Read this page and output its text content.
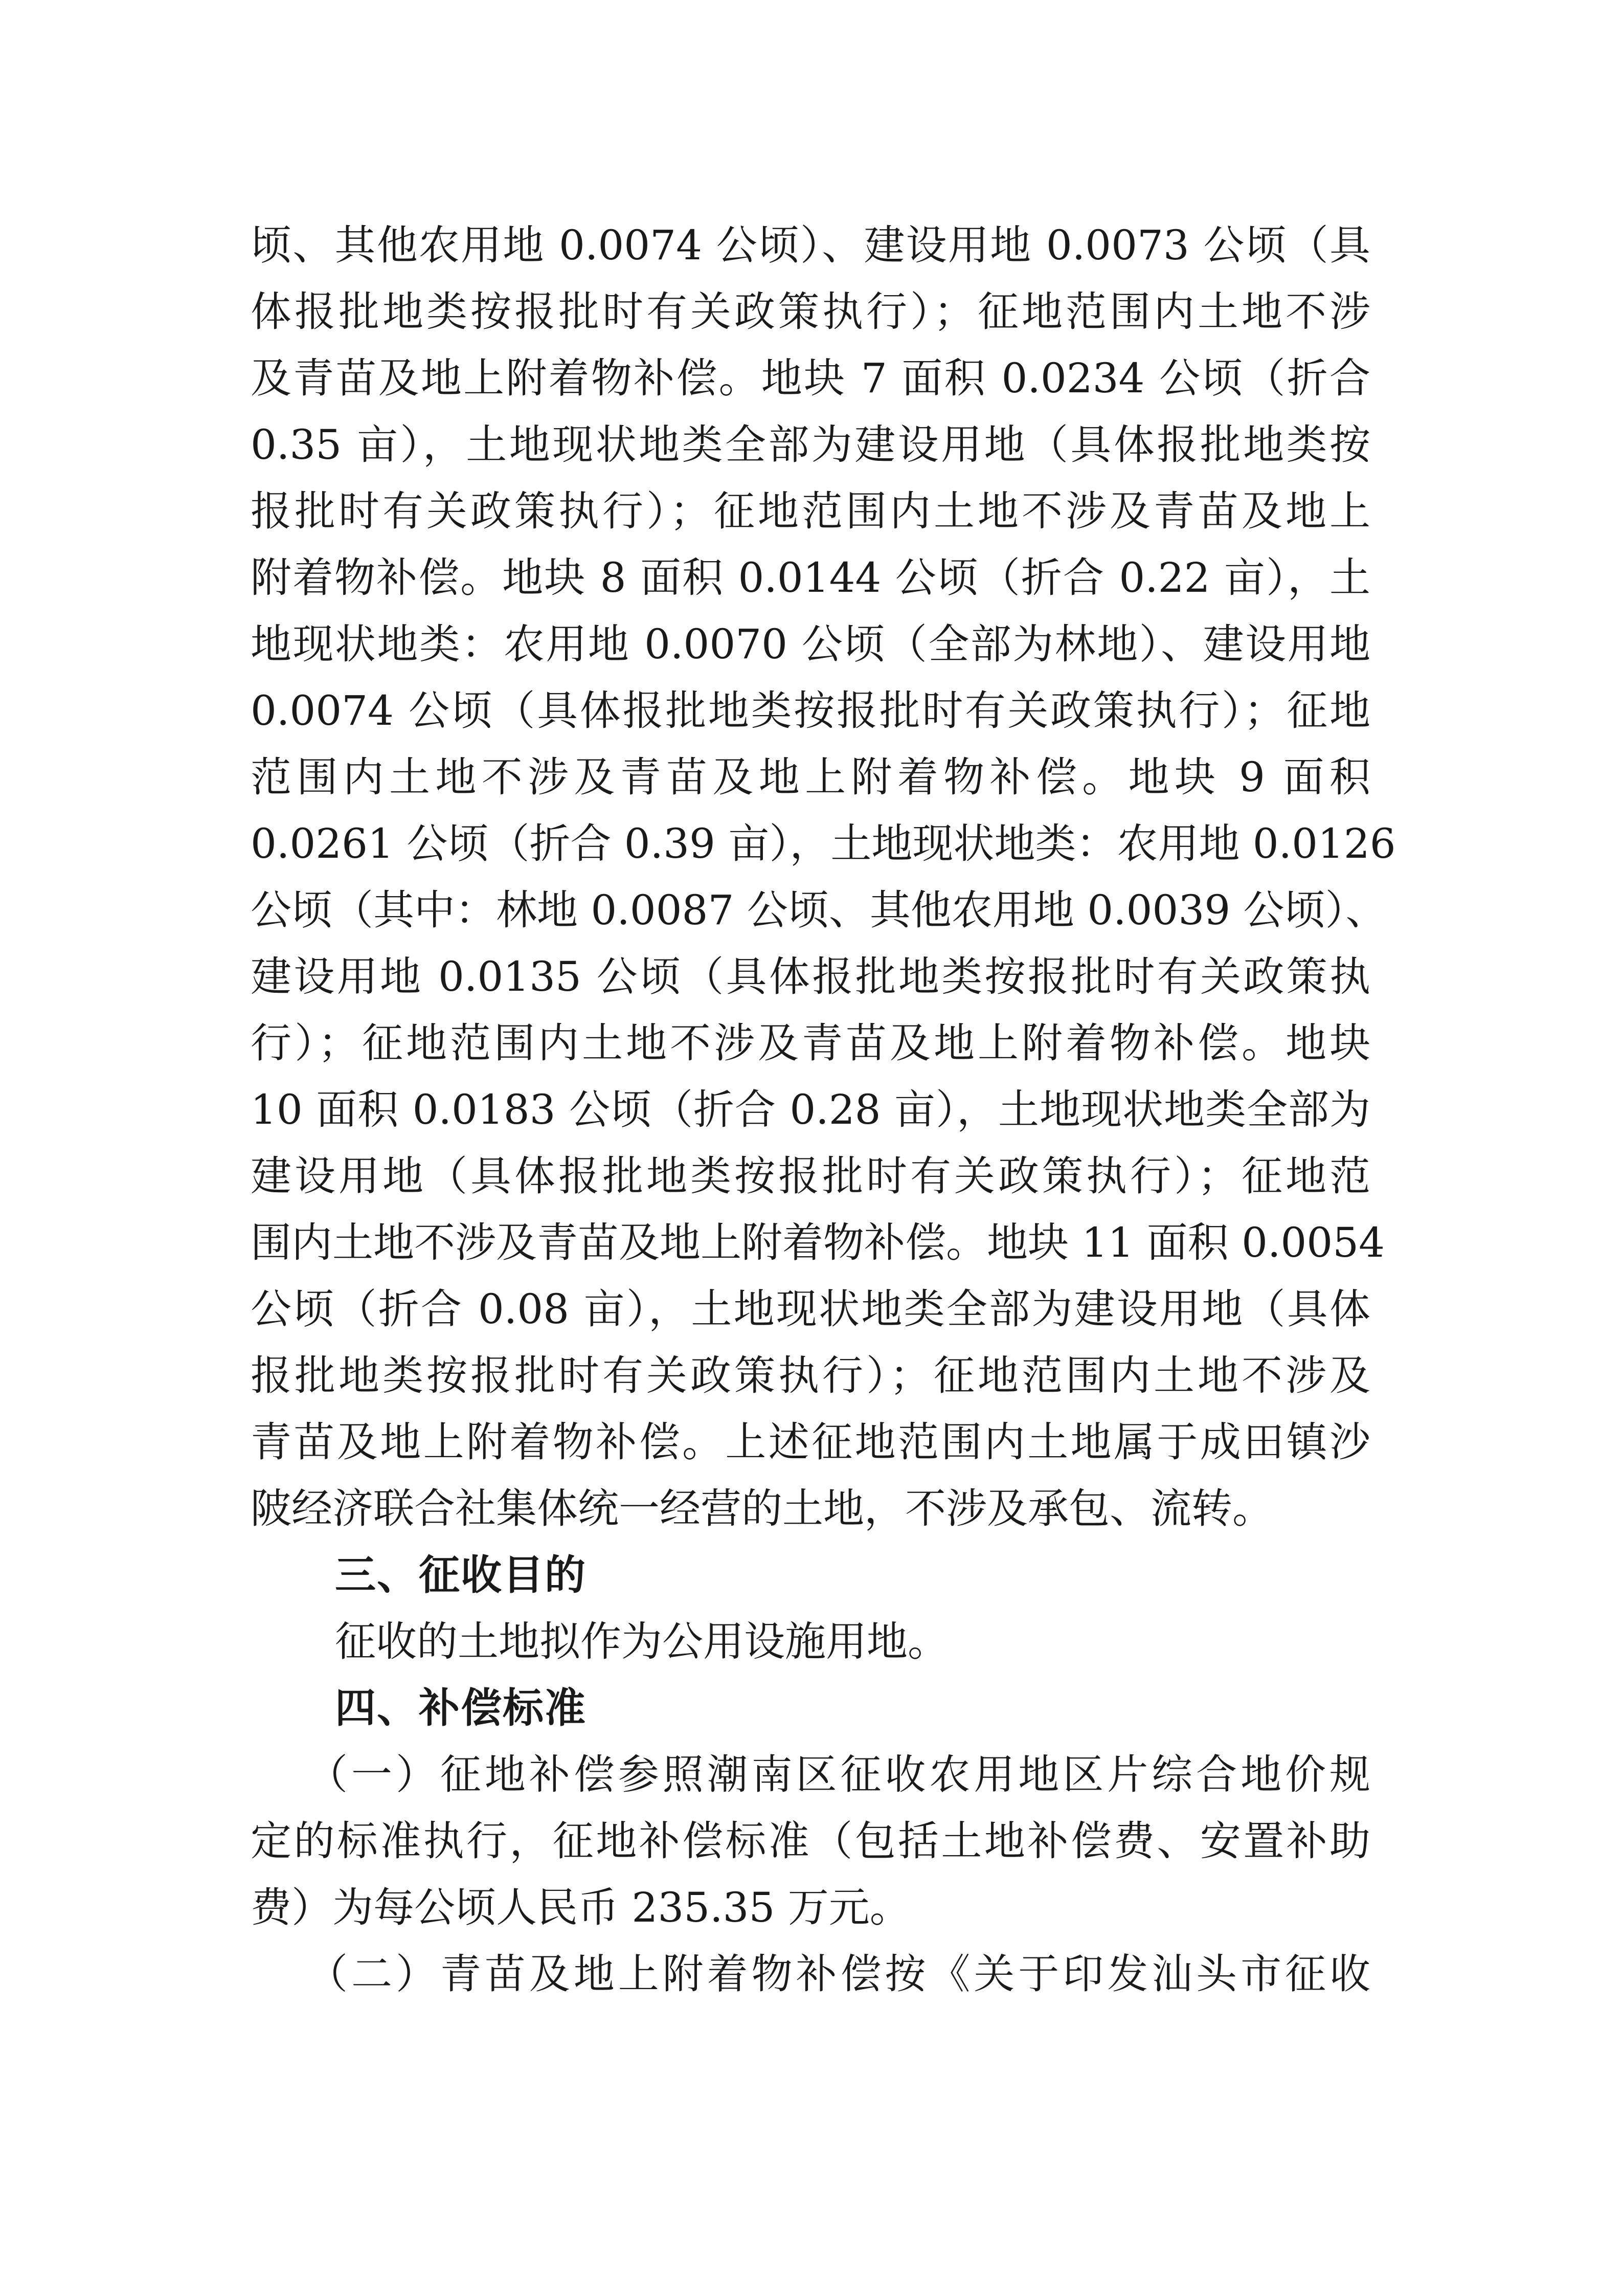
顷、其他农用地 0.0074 公顷）、建设用地 0.0073 公顷（具
体报批地类按报批时有关政策执行）；征地范围内土地不涉
及青苗及地上附着物补偿。地块 7 面积 0.0234 公顷（折合
0.35 亩），土地现状地类全部为建设用地（具体报批地类按
报批时有关政策执行）；征地范围内土地不涉及青苗及地上
附着物补偿。地块 8 面积 0.0144 公顷（折合 0.22 亩），土
地现状地类：农用地 0.0070 公顷（全部为林地）、建设用地
0.0074 公顷（具体报批地类按报批时有关政策执行）；征地
范围内土地不涉及青苗及地上附着物补偿。地块 9 面积
0.0261 公顷（折合 0.39 亩），土地现状地类：农用地 0.0126
公顷（其中：林地 0.0087 公顷、其他农用地 0.0039 公顷）、
建设用地 0.0135 公顷（具体报批地类按报批时有关政策执
行）；征地范围内土地不涉及青苗及地上附着物补偿。地块
10 面积 0.0183 公顷（折合 0.28 亩），土地现状地类全部为
建设用地（具体报批地类按报批时有关政策执行）；征地范
围内土地不涉及青苗及地上附着物补偿。地块 11 面积 0.0054
公顷（折合 0.08 亩），土地现状地类全部为建设用地（具体
报批地类按报批时有关政策执行）；征地范围内土地不涉及
青苗及地上附着物补偿。上述征地范围内土地属于成田镇沙
陂经济联合社集体统一经营的土地，不涉及承包、流转。
三、征收目的
征收的土地拟作为公用设施用地。
四、补偿标准
（一）征地补偿参照潮南区征收农用地区片综合地价规
定的标准执行，征地补偿标准（包括土地补偿费、安置补助
费）为每公顷人民币 235.35 万元。
（二）青苗及地上附着物补偿按《关于印发汕头市征收
